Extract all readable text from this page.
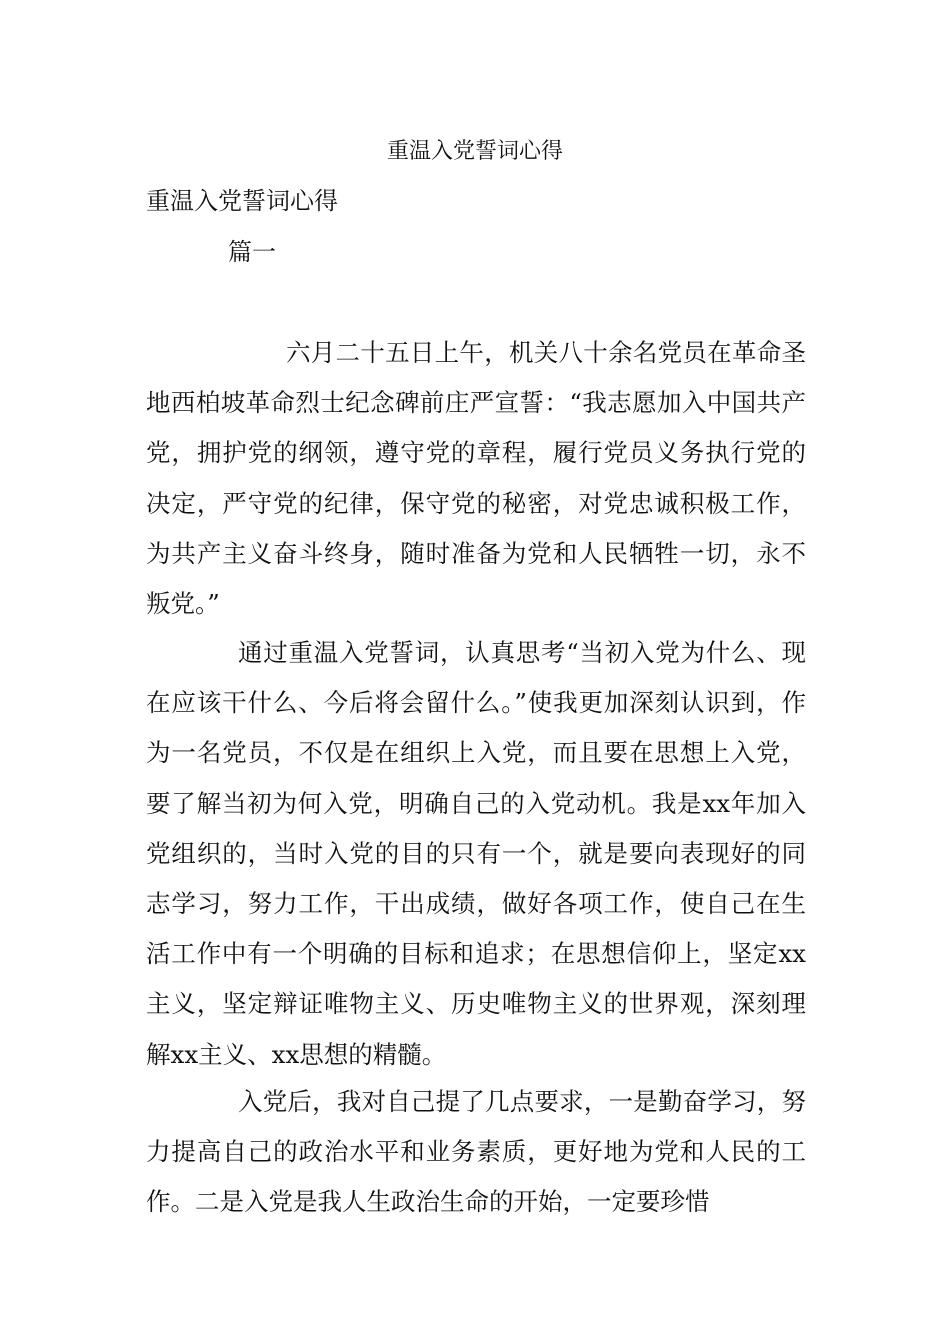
重温入党誓词心得
重温入党誓词心得
篇一

六月二十五日上午，机关八十余名党员在革命圣地西柏坡革命烈士纪念碑前庄严宣誓：“我志愿加入中国共产党，拥护党的纲领，遵守党的章程，履行党员义务执行党的决定，严守党的纪律，保守党的秘密，对党忠诚积极工作，为共产主义奋斗终身，随时准备为党和人民牺牲一切，永不叛党。”

通过重温入党誓词，认真思考“当初入党为什么、现在应该干什么、今后将会留什么。”使我更加深刻认识到，作为一名党员，不仅是在组织上入党，而且要在思想上入党，要了解当初为何入党，明确自己的入党动机。我是xx年加入党组织的，当时入党的目的只有一个，就是要向表现好的同志学习，努力工作，干出成绩，做好各项工作，使自己在生活工作中有一个明确的目标和追求；在思想信仰上，坚定xx主义，坚定辩证唯物主义、历史唯物主义的世界观，深刻理解xx主义、xx思想的精髓。

入党后，我对自己提了几点要求，一是勤奋学习，努力提高自己的政治水平和业务素质，更好地为党和人民的工作。二是入党是我人生政治生命的开始，一定要珍惜
